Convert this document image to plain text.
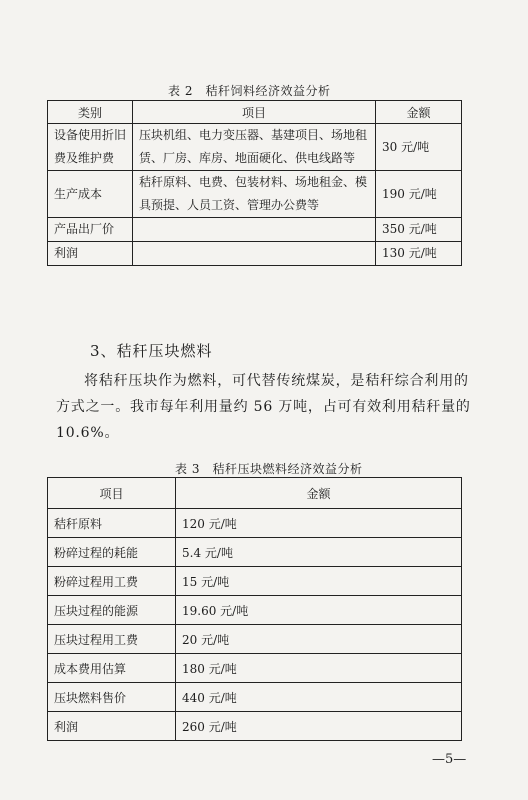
表 2　秸秆饲料经济效益分析
类别	项目	金额
设备使用折旧费及维护费	压块机组、电力变压器、基建项目、场地租赁、厂房、库房、地面硬化、供电线路等	30 元/吨
生产成本	秸秆原料、电费、包装材料、场地租金、模具预提、人员工资、管理办公费等	190 元/吨
产品出厂价		350 元/吨
利润		130 元/吨
3、秸秆压块燃料
将秸秆压块作为燃料，可代替传统煤炭，是秸秆综合利用的方式之一。我市每年利用量约 56 万吨，占可有效利用秸秆量的 10.6%。
表 3　秸秆压块燃料经济效益分析
项目	金额
秸秆原料	120 元/吨
粉碎过程的耗能	5.4 元/吨
粉碎过程用工费	15 元/吨
压块过程的能源	19.60 元/吨
压块过程用工费	20 元/吨
成本费用估算	180 元/吨
压块燃料售价	440 元/吨
利润	260 元/吨
—5—
